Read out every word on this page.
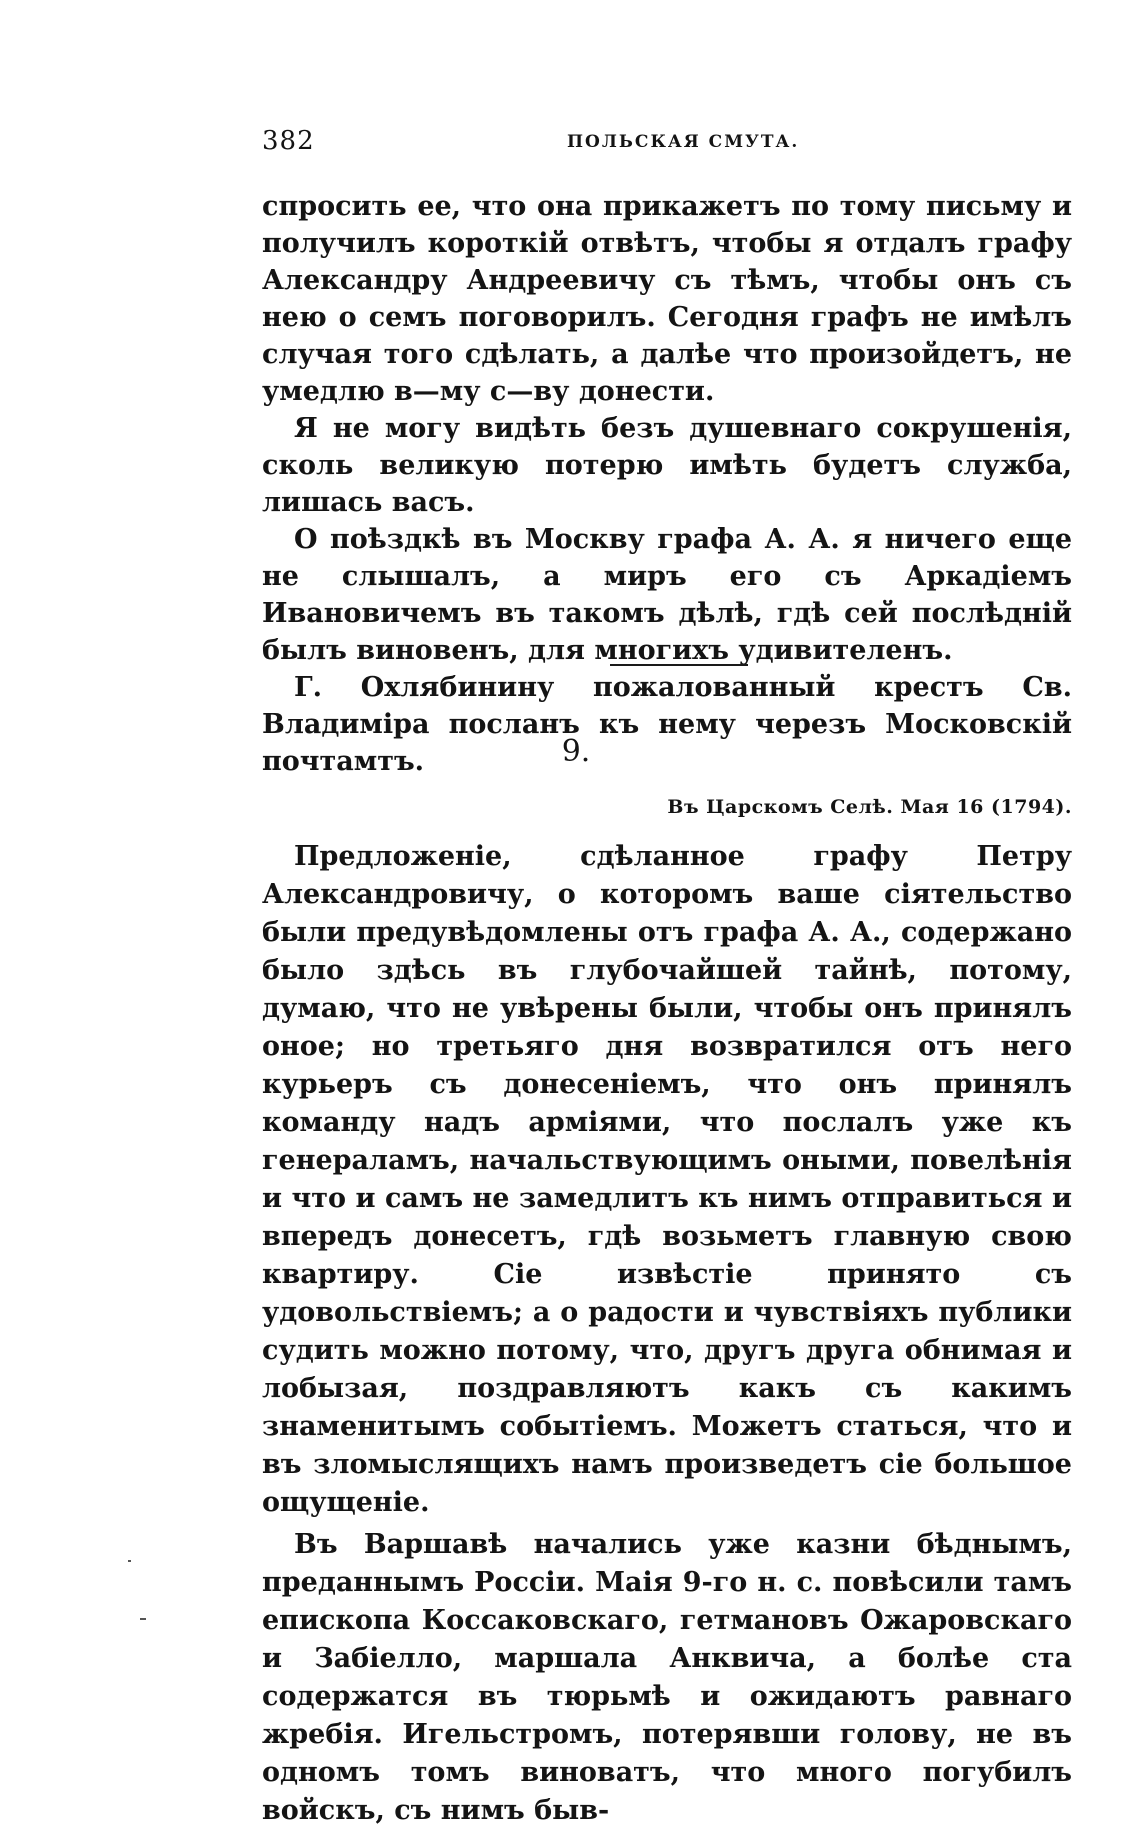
382	ПОЛЬСКАЯ СМУТА.

спросить ее, что она прикажетъ по тому письму и получилъ короткій отвѣтъ, чтобы я отдалъ графу Александру Андреевичу съ тѣмъ, чтобы онъ съ нею о семъ поговорилъ. Сегодня графъ не имѣлъ случая того сдѣлать, а далѣе что произойдетъ, не умедлю в—му с—ву донести.

Я не могу видѣть безъ душевнаго сокрушенія, сколь великую потерю имѣть будетъ служба, лишась васъ.

О поѣздкѣ въ Москву графа А. А. я ничего еще не слышалъ, а миръ его съ Аркадіемъ Ивановичемъ въ такомъ дѣлѣ, гдѣ сей послѣдній былъ виновенъ, для многихъ удивителенъ.

Г. Охлябинину пожалованный крестъ Св. Владиміра посланъ къ нему черезъ Московскій почтамтъ.	9.
Въ Царскомъ Селѣ. Мая 16 (1794).

Предложеніе, сдѣланное графу Петру Александровичу, о которомъ ваше сіятельство были предувѣдомлены отъ графа А. А., содержано было здѣсь въ глубочайшей тайнѣ, потому, думаю, что не увѣрены были, чтобы онъ принялъ оное; но третьяго дня возвратился отъ него курьеръ съ донесеніемъ, что онъ принялъ команду надъ арміями, что послалъ уже къ генераламъ, начальствующимъ оными, повелѣнія и что и самъ не замедлитъ къ нимъ отправиться и впередъ донесетъ, гдѣ возьметъ главную свою квартиру. Сіе извѣстіе принято съ удовольствіемъ; а о радости и чувствіяхъ публики судить можно потому, что, другъ друга обнимая и лобызая, поздравляютъ какъ съ какимъ знаменитымъ событіемъ. Можетъ статься, что и въ зломыслящихъ намъ произведетъ сіе большое ощущеніе.

Въ Варшавѣ начались уже казни бѣднымъ, преданнымъ Россіи. Маія 9-го н. с. повѣсили тамъ епископа Коссаковскаго, гетмановъ Ожаровскаго и Забіелло, маршала Анквича, а болѣе ста содержатся въ тюрьмѣ и ожидаютъ равнаго жребія. Игельстромъ, потерявши голову, не въ одномъ томъ виноватъ, что много погубилъ войскъ, съ нимъ быв-
